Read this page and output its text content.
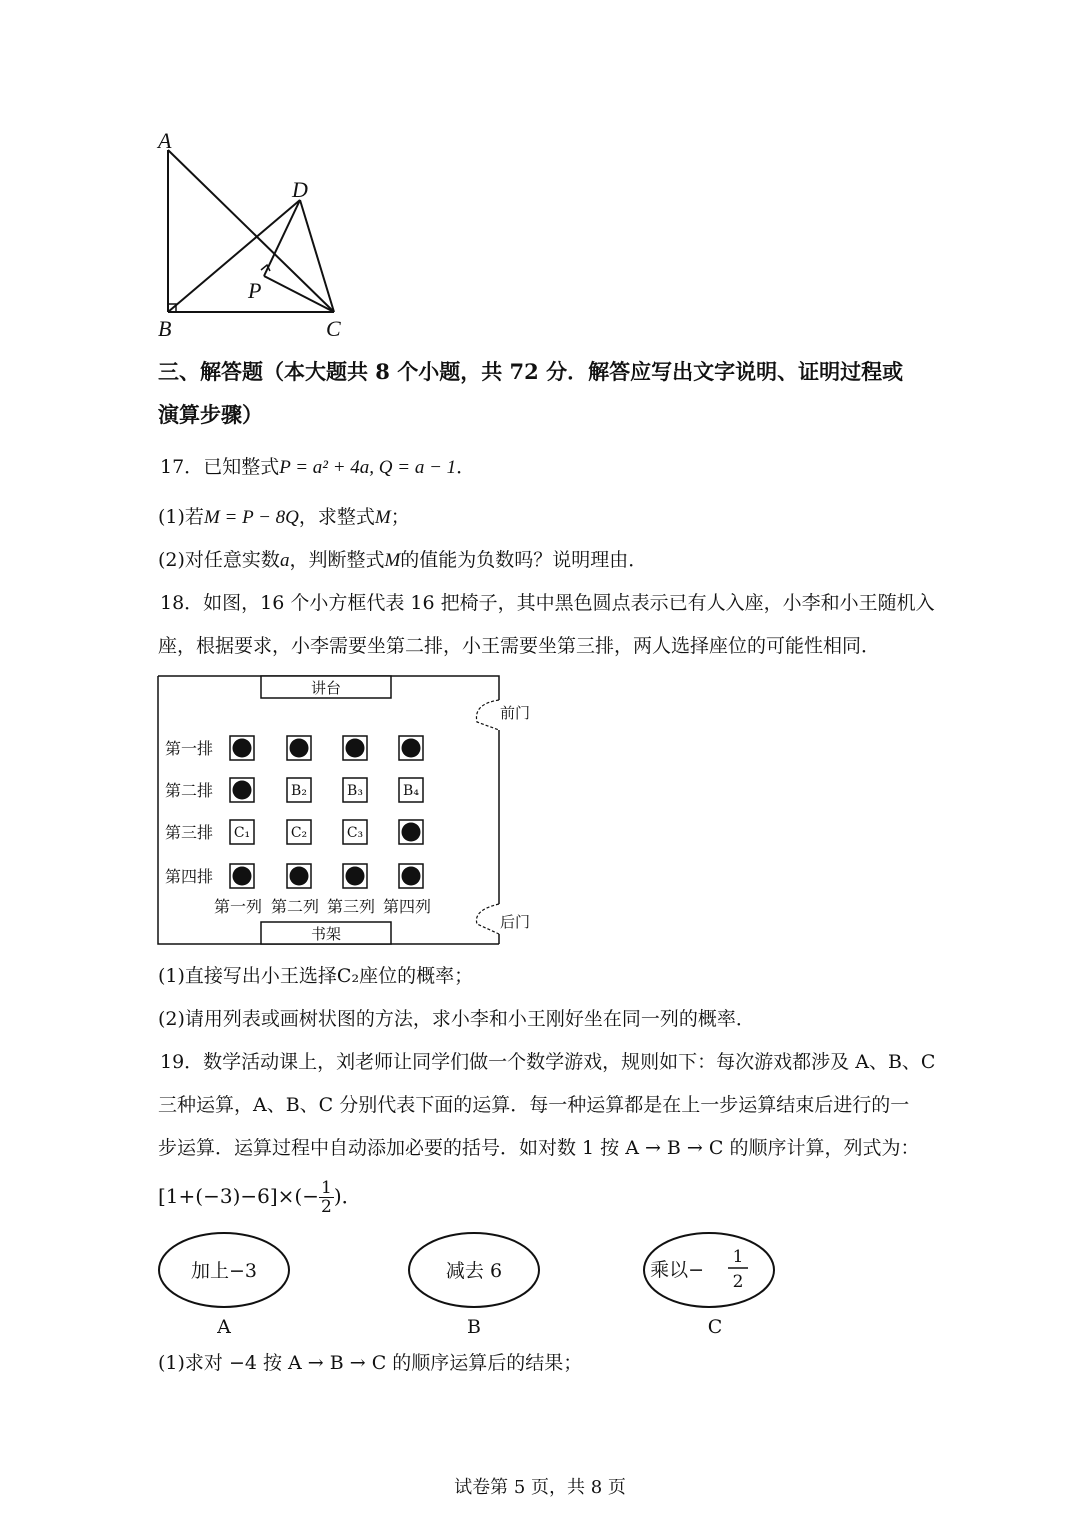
A
D
P
B	C
三、解答题（本大题共 8 个小题，共 72 分．解答应写出文字说明、证明过程或
演算步骤）
17．已知整式P = a² + 4a, Q = a − 1．
(1)若M = P − 8Q，求整式M；
(2)对任意实数a，判断整式M的值能为负数吗？说明理由．
18．如图，16 个小方框代表 16 把椅子，其中黑色圆点表示已有人入座，小李和小王随机入
座，根据要求，小李需要坐第二排，小王需要坐第三排，两人选择座位的可能性相同．
讲台
书架
前门
后门
第一排
第二排
第三排
第四排
第一列 第二列 第三列 第四列
B₂	B₃	B₄
C₁	C₂	C₃
(1)直接写出小王选择C₂座位的概率；
(2)请用列表或画树状图的方法，求小李和小王刚好坐在同一列的概率．
19．数学活动课上，刘老师让同学们做一个数学游戏，规则如下：每次游戏都涉及 A、B、C
三种运算，A、B、C 分别代表下面的运算．每一种运算都是在上一步运算结束后进行的一
步运算．运算过程中自动添加必要的括号．如对数 1 按 A → B → C 的顺序计算，列式为：
$[1+(-3)-6]\times(- \frac{1}{2}$ )．
加上−3
A
减去 6
B
乘以−
1
2
C
(1)求对 −4 按 A → B → C 的顺序运算后的结果；
试卷第 5 页，共 8 页
